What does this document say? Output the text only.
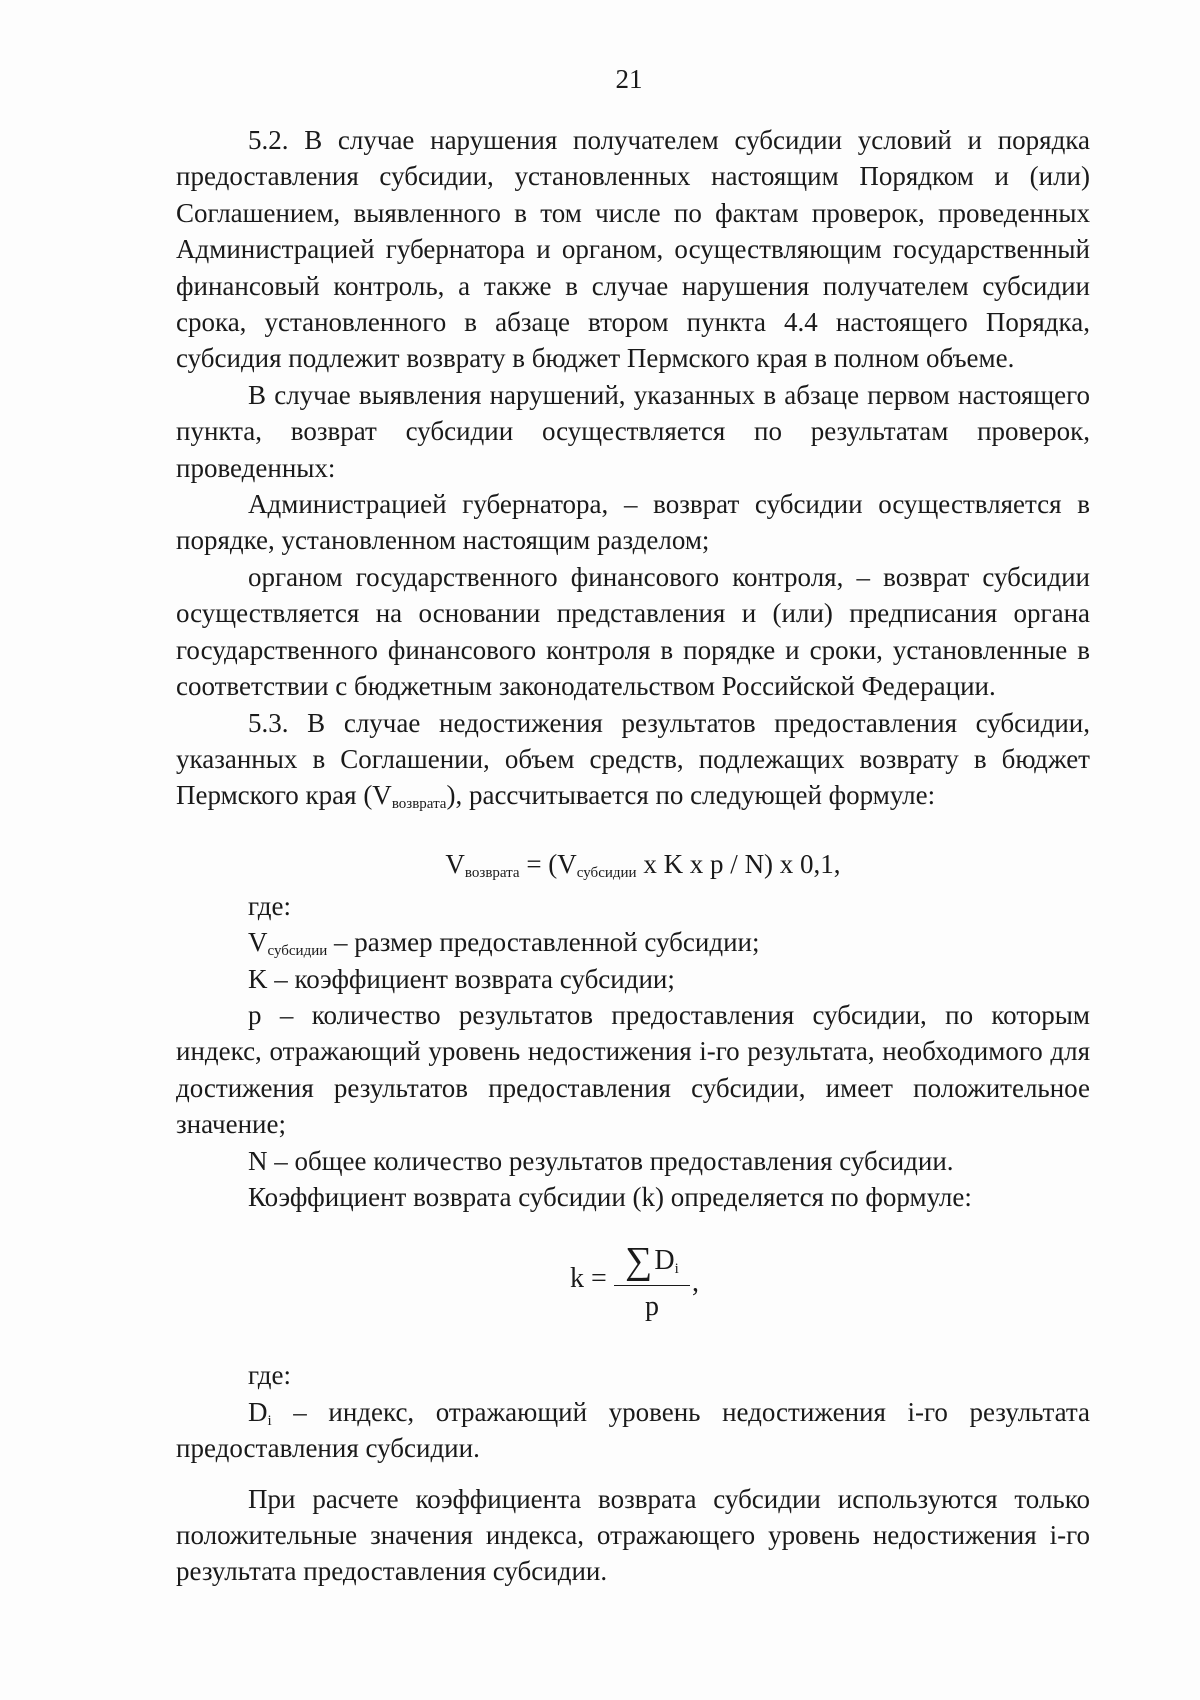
21

5.2. В случае нарушения получателем субсидии условий и порядка предоставления субсидии, установленных настоящим Порядком и (или) Соглашением, выявленного в том числе по фактам проверок, проведенных Администрацией губернатора и органом, осуществляющим государственный финансовый контроль, а также в случае нарушения получателем субсидии срока, установленного в абзаце втором пункта 4.4 настоящего Порядка, субсидия подлежит возврату в бюджет Пермского края в полном объеме.

В случае выявления нарушений, указанных в абзаце первом настоящего пункта, возврат субсидии осуществляется по результатам проверок, проведенных:

Администрацией губернатора, – возврат субсидии осуществляется в порядке, установленном настоящим разделом;

органом государственного финансового контроля, – возврат субсидии осуществляется на основании представления и (или) предписания органа государственного финансового контроля в порядке и сроки, установленные в соответствии с бюджетным законодательством Российской Федерации.

5.3. В случае недостижения результатов предоставления субсидии, указанных в Соглашении, объем средств, подлежащих возврату в бюджет Пермского края $(V_{возврата})$, рассчитывается по следующей формуле:

$V_{возврата} = (V_{субсидии}$ x K x p / N) x 0,1,

где:

$V_{субсидии}$ – размер предоставленной субсидии;

K – коэффициент возврата субсидии;

p – количество результатов предоставления субсидии, по которым индекс, отражающий уровень недостижения i-го результата, необходимого для достижения результатов предоставления субсидии, имеет положительное значение;

N – общее количество результатов предоставления субсидии.

Коэффициент возврата субсидии (k) определяется по формуле:

$k = \sum D_i$
p
,

где:

$D_i$ – индекс, отражающий уровень недостижения i-го результата предоставления субсидии.

При расчете коэффициента возврата субсидии используются только положительные значения индекса, отражающего уровень недостижения i-го результата предоставления субсидии.
